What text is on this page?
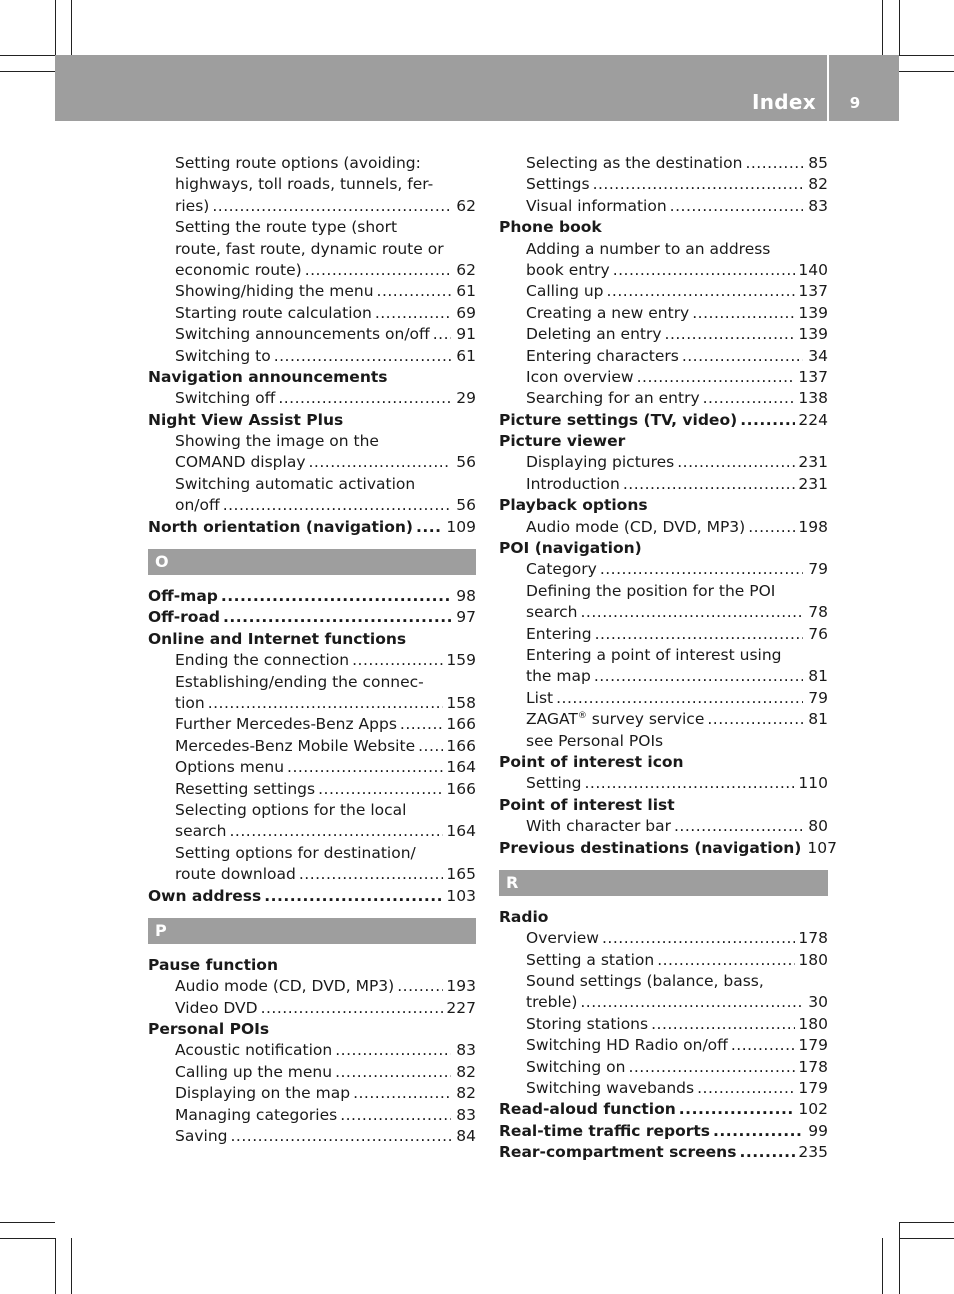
Index	9
Setting route options (avoiding:
highways, toll roads, tunnels, fer-
ries) .....	62
Setting the route type (short
route, fast route, dynamic route or
economic route) .....	62
Showing/hiding the menu .....	61
Starting route calculation .....	69
Switching announcements on/off ..... 91
Switching to .....	61
Navigation announcements
Switching off .....	29
Night View Assist Plus
Showing the image on the
COMAND display .....	56
Switching automatic activation
on/off .....	56
North orientation (navigation) ..... 109
O
Off-map .....	98
Off-road .....	97
Online and Internet functions
Ending the connection .....	159
Establishing/ending the connec-
tion .....	158
Further Mercedes-Benz Apps .....	166
Mercedes-Benz Mobile Website ..... 166
Options menu .....	164
Resetting settings .....	166
Selecting options for the local
search .....	164
Setting options for destination/
route download .....	165
Own address .....	103
P
Pause function
Audio mode (CD, DVD, MP3) .....	193
Video DVD .....	227
Personal POIs
Acoustic notification .....	83
Calling up the menu .....	82
Displaying on the map .....	82
Managing categories .....	83
Saving .....	84
Selecting as the destination .....	85
Settings .....	82
Visual information .....	83
Phone book
Adding a number to an address
book entry .....	140
Calling up .....	137
Creating a new entry .....	139
Deleting an entry .....	139
Entering characters .....	34
Icon overview .....	137
Searching for an entry .....	138
Picture settings (TV, video) .....	224
Picture viewer
Displaying pictures .....	231
Introduction .....	231
Playback options
Audio mode (CD, DVD, MP3) .....	198
POI (navigation)
Category .....	79
Defining the position for the POI
search .....	78
Entering .....	76
Entering a point of interest using
the map .....	81
List .....	79
ZAGAT® survey service .....	81
see Personal POIs
Point of interest icon
Setting .....	110
Point of interest list
With character bar .....	80
Previous destinations (navigation) 107
R
Radio
Overview .....	178
Setting a station .....	180
Sound settings (balance, bass,
treble) .....	30
Storing stations .....	180
Switching HD Radio on/off .....	179
Switching on .....	178
Switching wavebands .....	179
Read-aloud function .....	102
Real-time traffic reports .....	99
Rear-compartment screens .....	235
